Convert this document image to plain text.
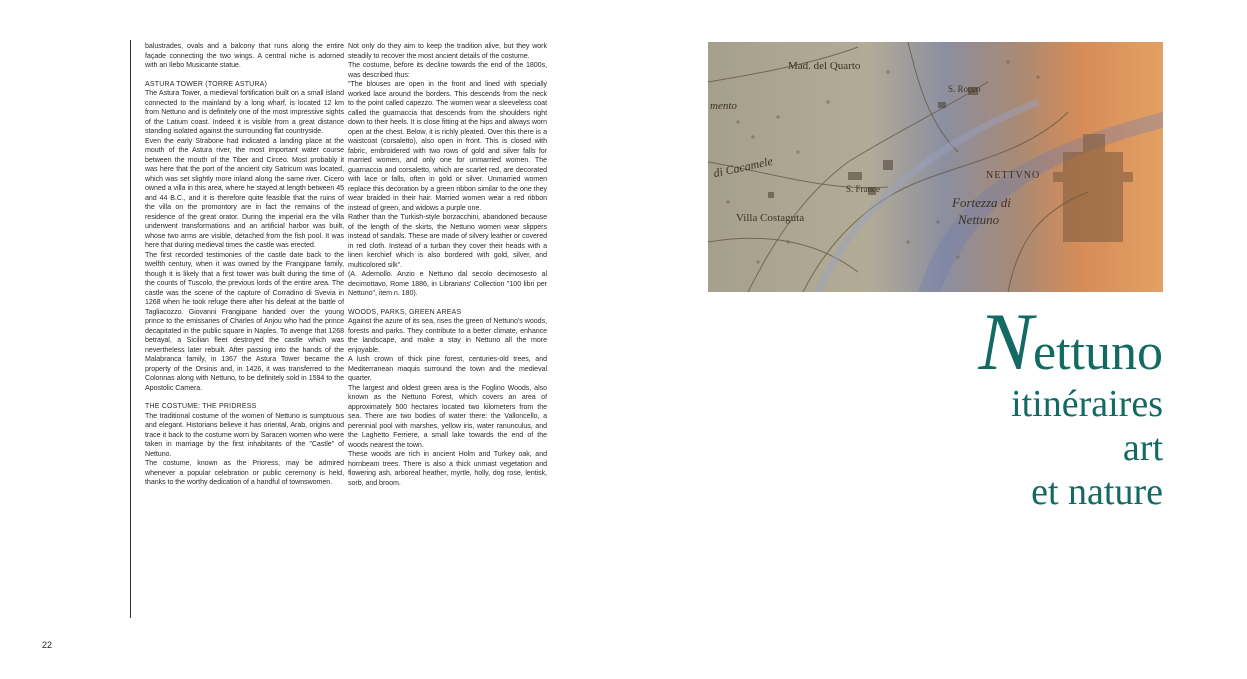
22

balustrades, ovals and a balcony that runs along the entire façade connecting the two wings. A central niche is adorned with an Ilebo Musicante statue.

ASTURA TOWER (TORRE ASTURA)

The Astura Tower, a medieval fortification built on a small island connected to the mainland by a long wharf, is located 12 km from Nettuno and is definitely one of the most impressive sights of the Latium coast. Indeed it is visible from a great distance standing isolated against the surrounding flat countryside.

Even the early Strabone had indicated a landing place at the mouth of the Astura river, the most important water course between the mouth of the Tiber and Circeo. Most probably it was here that the port of the ancient city Satricum was located, which was set slightly more inland along the same river. Cicero owned a villa in this area, where he stayed at length between 45 and 44 B.C., and it is therefore quite feasible that the ruins of the villa on the promontory are in fact the remains of the residence of the great orator. During the imperial era the villa underwent transformations and an artificial harbor was built, whose two arms are visible, detached from the fish pool. It was here that during medieval times the castle was erected.

The first recorded testimonies of the castle date back to the twelfth century, when it was owned by the Frangipane family, though it is likely that a first tower was built during the time of the counts of Tuscolo, the previous lords of the entire area. The castle was the scene of the capture of Corradino di Svevia in 1268 when he took refuge there after his defeat at the battle of Tagliacozzo. Giovanni Frangipane handed over the young prince to the emissaries of Charles of Anjou who had the prince decapitated in the public square in Naples. To avenge that 1268 betrayal, a Sicilian fleet destroyed the castle which was nevertheless later rebuilt. After passing into the hands of the Malabranca family, in 1367 the Astura Tower became the property of the Orsinis and, in 1426, it was transferred to the Colonnas along with Nettuno, to be definitely sold in 1594 to the Apostolic Camera.

THE COSTUME: THE PRIDRESS

The traditional costume of the women of Nettuno is sumptuous and elegant. Historians believe it has oriental, Arab, origins and trace it back to the costume worn by Saracen women who were taken in marriage by the first inhabitants of the "Castle" of Nettuno.

The costume, known as the Prioress, may be admired whenever a popular celebration or public ceremony is held, thanks to the worthy dedication of a handful of townswomen.

Not only do they aim to keep the tradition alive, but they work steadily to recover the most ancient details of the costume.

The costume, before its decline towards the end of the 1800s, was described thus:

"The blouses are open in the front and lined with specially worked lace around the borders. This descends from the neck to the point called capezzo. The women wear a sleeveless coat called the guarnaccia that descends from the shoulders right down to their heels. It is close fitting at the hips and always worn open at the chest. Below, it is richly pleated. Over this there is a waistcoat (corsaletto), also open in front. This is closed with fabric, embroidered with two rows of gold and silver falls for married women, and only one for unmarried women. The guarnaccia and corsaletto, which are scarlet red, are decorated with lace or falls, often in gold or silver. Unmarried women replace this decoration by a green ribbon similar to the one they wear braided in their hair. Married women wear a red ribbon instead of green, and widows a purple one.

Rather than the Turkish-style borzacchini, abandoned because of the length of the skirts, the Nettuno women wear slippers instead of sandals. These are made of silvery leather or covered in red cloth. Instead of a turban they cover their heads with a linen kerchief which is also bordered with gold, silver, and multicolored silk".

(A. Ademollo. Anzio e Nettuno dal secolo decimosesto al decimottavo, Rome 1886, in Librarians' Collection "100 libri per Nettuno", item n. 180).

WOODS, PARKS, GREEN AREAS

Against the azure of its sea, rises the green of Nettuno's woods, forests and parks. They contribute to a better climate, enhance the landscape, and make a stay in Nettuno all the more enjoyable.

A lush crown of thick pine forest, centuries-old trees, and Mediterranean maquis surround the town and the medieval quarter.

The largest and oldest green area is the Foglino Woods, also known as the Nettuno Forest, which covers an area of approximately 500 hectares located two kilometers from the sea. There are two bodies of water there: the Valloncello, a perennial pool with marshes, yellow iris, water ranunculus, and the Laghetto Ferriere, a small lake towards the end of the woods nearest the town.

These woods are rich in ancient Holm and Turkey oak, and hornbeam trees. There is also a thick unmast vegetation and flowering ash, arboreal heather, myrtle, holly, dog rose, lentisk, sorb, and broom.

Mad. del Quarto
S. Rocco
mento
di Cacamele
S. France
Villa Costaguta
NETTVNO
Fortezza di
Nettuno
Nettuno
itinéraires
art
et nature
